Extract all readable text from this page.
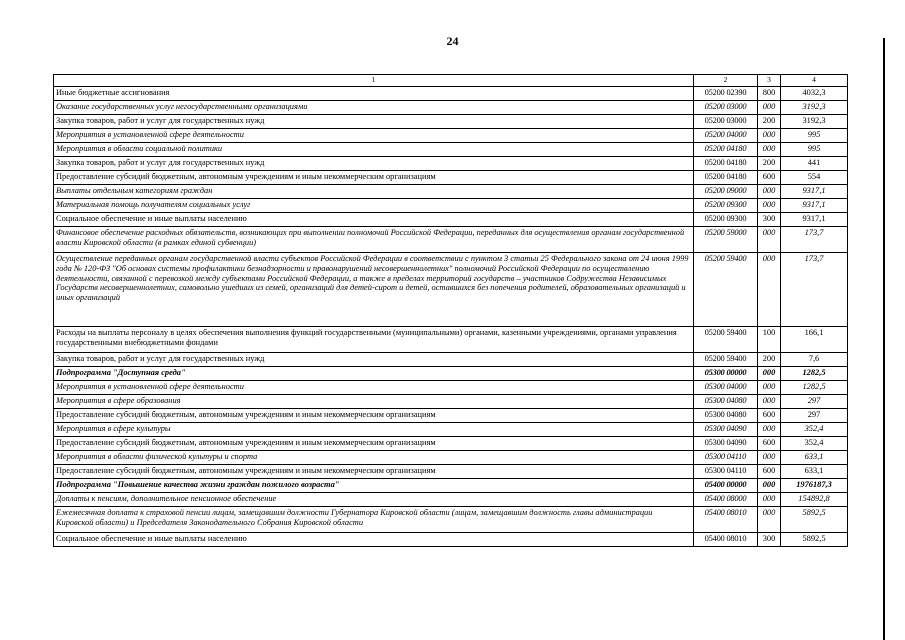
24
1	2	3	4
Иные бюджетные ассигнования	05200 02390	800	4032,3
Оказание государственных услуг негосударственными организациями	05200 03000	000	3192,3
Закупка товаров, работ и услуг для государственных нужд	05200 03000	200	3192,3
Мероприятия в установленной сфере деятельности	05200 04000	000	995
Мероприятия в области социальной политики	05200 04180	000	995
Закупка товаров, работ и услуг для государственных нужд	05200 04180	200	441
Предоставление субсидий бюджетным, автономным учреждениям и иным некоммерческим организациям	05200 04180	600	554
Выплаты отдельным категориям граждан	05200 09000	000	9317,1
Материальная помощь получателям социальных услуг	05200 09300	000	9317,1
Социальное обеспечение и иные выплаты населению	05200 09300	300	9317,1
Финансовое обеспечение расходных обязательств, возникающих при выполнении полномочий Российской Федерации, переданных для осуществления органам государственной власти Кировской области (в рамках единой субвенции)	05200 59000	000	173,7
Осуществление переданных органам государственной власти субъектов Российской Федерации в соответствии с пунктом 3 статьи 25 Федерального закона от 24 июня 1999 года № 120-ФЗ "Об основах системы профилактики безнадзорности и правонарушений несовершеннолетних" полномочий Российской Федерации по осуществлению деятельности, связанной с перевозкой между субъектами Российской Федерации, а также в пределах территорий государств – участников Содружества Независимых Государств несовершеннолетних, самовольно ушедших из семей, организаций для детей-сирот и детей, оставшихся без попечения родителей, образовательных организаций и иных организаций	05200 59400	000	173,7
Расходы на выплаты персоналу в целях обеспечения выполнения функций государственными (муниципальными) органами, казенными учреждениями, органами управления государственными внебюджетными фондами	05200 59400	100	166,1
Закупка товаров, работ и услуг для государственных нужд	05200 59400	200	7,6
Подпрограмма "Доступная среда"	05300 00000	000	1282,5
Мероприятия в установленной сфере деятельности	05300 04000	000	1282,5
Мероприятия в сфере образования	05300 04080	000	297
Предоставление субсидий бюджетным, автономным учреждениям и иным некоммерческим организациям	05300 04080	600	297
Мероприятия в сфере культуры	05300 04090	000	352,4
Предоставление субсидий бюджетным, автономным учреждениям и иным некоммерческим организациям	05300 04090	600	352,4
Мероприятия в области физической культуры и спорта	05300 04110	000	633,1
Предоставление субсидий бюджетным, автономным учреждениям и иным некоммерческим организациям	05300 04110	600	633,1
Подпрограмма "Повышение качества жизни граждан пожилого возраста"	05400 00000	000	1976187,3
Доплаты к пенсиям, дополнительное пенсионное обеспечение	05400 08000	000	154892,8
Ежемесячная доплата к страховой пенсии лицам, замещавшим должности Губернатора Кировской области (лицам, замещавшим должность главы администрации Кировской области) и Председателя Законодательного Собрания Кировской области	05400 08010	000	5892,5
Социальное обеспечение и иные выплаты населению	05400 08010	300	5892,5
